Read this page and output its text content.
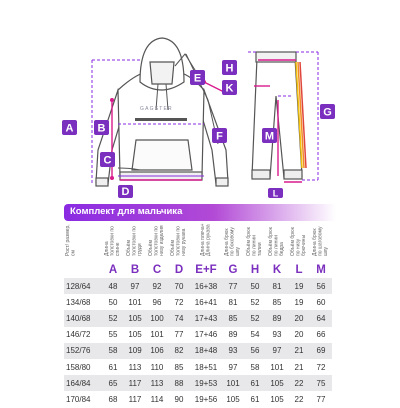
GAGSTER
A B
C
D
E
F
G
H
K
L
M
Комплект для мальчика
Рост/ размер, см	Длина толстовки по спине	Объём толстовки по груди	Объём толстовки по низу изделия	Объём толстовки по низу рукава	Длина плеча+ Длина рукава	Длина брюк по боковому шву	Объём брюк по линии талии	Объём брюк по линии бедра	Объём брюк по низу брючины	Длина брюк по шаговому шву
	A	B	C	D	E+F	G	H	K	L	M
128/64	48	97	92	70	16+38	77	50	81	19	56
134/68	50	101	96	72	16+41	81	52	85	19	60
140/68	52	105	100	74	17+43	85	52	89	20	64
146/72	55	105	101	77	17+46	89	54	93	20	66
152/76	58	109	106	82	18+48	93	56	97	21	69
158/80	61	113	110	85	18+51	97	58	101	21	72
164/84	65	117	113	88	19+53	101	61	105	22	75
170/84	68	117	114	90	19+56	105	61	105	22	77
